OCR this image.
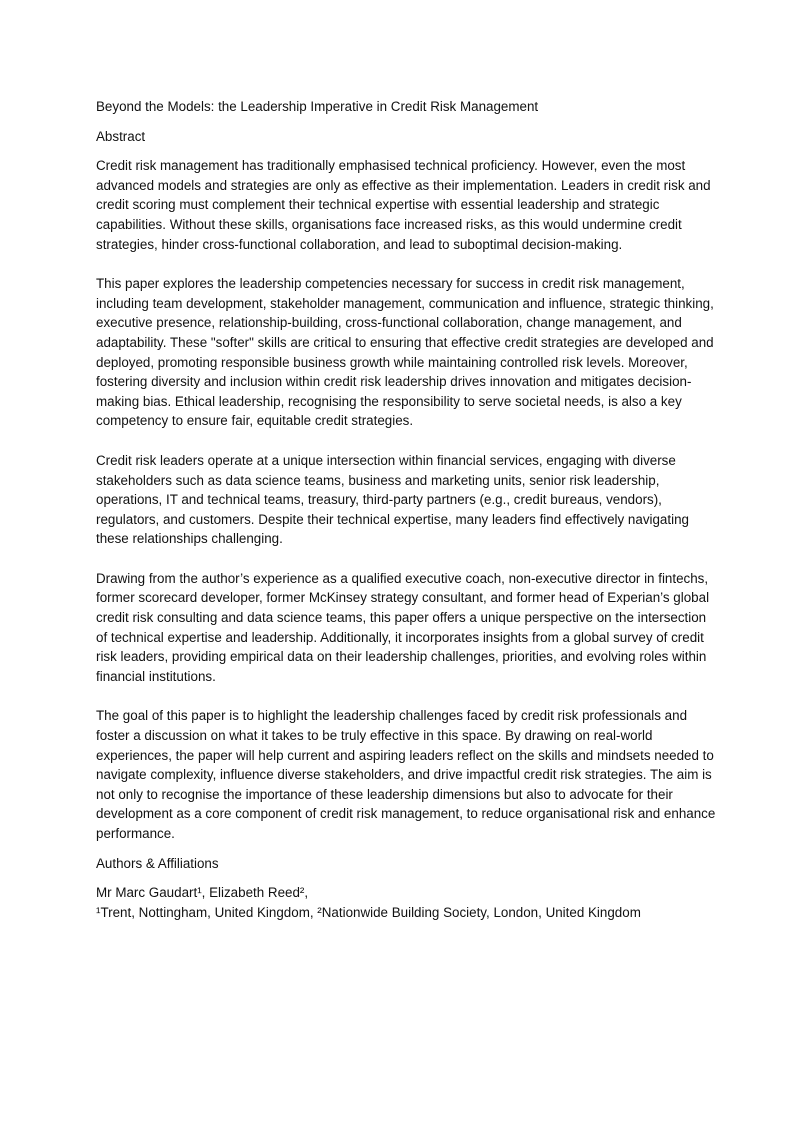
Beyond the Models: the Leadership Imperative in Credit Risk Management

Abstract

Credit risk management has traditionally emphasised technical proficiency. However, even the most advanced models and strategies are only as effective as their implementation. Leaders in credit risk and credit scoring must complement their technical expertise with essential leadership and strategic capabilities. Without these skills, organisations face increased risks, as this would undermine credit strategies, hinder cross-functional collaboration, and lead to suboptimal decision-making.

This paper explores the leadership competencies necessary for success in credit risk management, including team development, stakeholder management, communication and influence, strategic thinking, executive presence, relationship-building, cross-functional collaboration, change management, and adaptability. These "softer" skills are critical to ensuring that effective credit strategies are developed and deployed, promoting responsible business growth while maintaining controlled risk levels. Moreover, fostering diversity and inclusion within credit risk leadership drives innovation and mitigates decision-making bias. Ethical leadership, recognising the responsibility to serve societal needs, is also a key competency to ensure fair, equitable credit strategies.

Credit risk leaders operate at a unique intersection within financial services, engaging with diverse stakeholders such as data science teams, business and marketing units, senior risk leadership, operations, IT and technical teams, treasury, third-party partners (e.g., credit bureaus, vendors), regulators, and customers. Despite their technical expertise, many leaders find effectively navigating these relationships challenging.

Drawing from the author’s experience as a qualified executive coach, non-executive director in fintechs, former scorecard developer, former McKinsey strategy consultant, and former head of Experian’s global credit risk consulting and data science teams, this paper offers a unique perspective on the intersection of technical expertise and leadership. Additionally, it incorporates insights from a global survey of credit risk leaders, providing empirical data on their leadership challenges, priorities, and evolving roles within financial institutions.

The goal of this paper is to highlight the leadership challenges faced by credit risk professionals and foster a discussion on what it takes to be truly effective in this space. By drawing on real-world experiences, the paper will help current and aspiring leaders reflect on the skills and mindsets needed to navigate complexity, influence diverse stakeholders, and drive impactful credit risk strategies. The aim is not only to recognise the importance of these leadership dimensions but also to advocate for their development as a core component of credit risk management, to reduce organisational risk and enhance performance.

Authors & Affiliations

Mr Marc Gaudart¹, Elizabeth Reed²,

¹Trent, Nottingham, United Kingdom, ²Nationwide Building Society, London, United Kingdom
